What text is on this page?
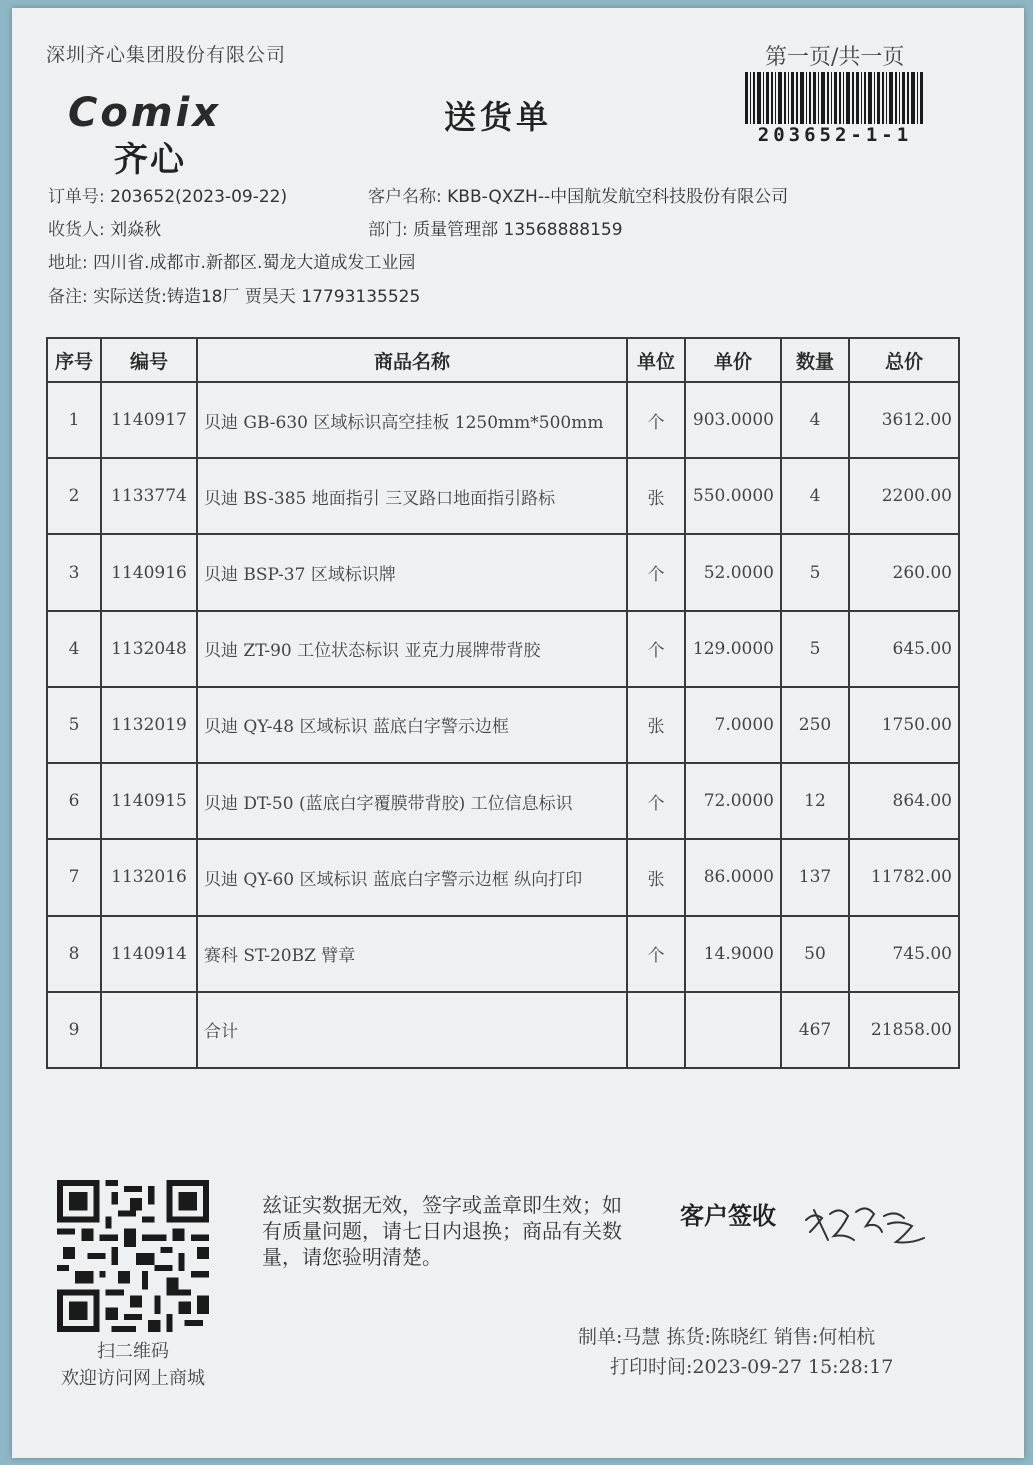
深圳齐心集团股份有限公司	第一页/共一页
Comix
齐心
送货单	203652-1-1
订单号: 203652(2023-09-22)	客户名称: KBB-QXZH--中国航发航空科技股份有限公司
收货人: 刘焱秋	部门: 质量管理部 13568888159
地址: 四川省.成都市.新都区.蜀龙大道成发工业园
备注: 实际送货:铸造18厂 贾昊天 17793135525
序号	编号	商品名称	单位	单价	数量	总价
1	1140917	贝迪 GB-630 区域标识高空挂板 1250mm*500mm	个	903.0000	4	3612.00
2	1133774	贝迪 BS-385 地面指引 三叉路口地面指引路标	张	550.0000	4	2200.00
3	1140916	贝迪 BSP-37 区域标识牌	个	52.0000	5	260.00
4	1132048	贝迪 ZT-90 工位状态标识 亚克力展牌带背胶	个	129.0000	5	645.00
5	1132019	贝迪 QY-48 区域标识 蓝底白字警示边框	张	7.0000	250	1750.00
6	1140915	贝迪 DT-50 (蓝底白字覆膜带背胶) 工位信息标识	个	72.0000	12	864.00
7	1132016	贝迪 QY-60 区域标识 蓝底白字警示边框 纵向打印	张	86.0000	137	11782.00
8	1140914	赛科 ST-20BZ 臂章	个	14.9000	50	745.00
9		合计			467	21858.00
扫二维码
欢迎访问网上商城
兹证实数据无效，签字或盖章即生效；如有质量问题，请七日内退换；商品有关数量，请您验明清楚。
客户签收
制单:马慧 拣货:陈晓红 销售:何柏杭
打印时间:2023-09-27 15:28:17
